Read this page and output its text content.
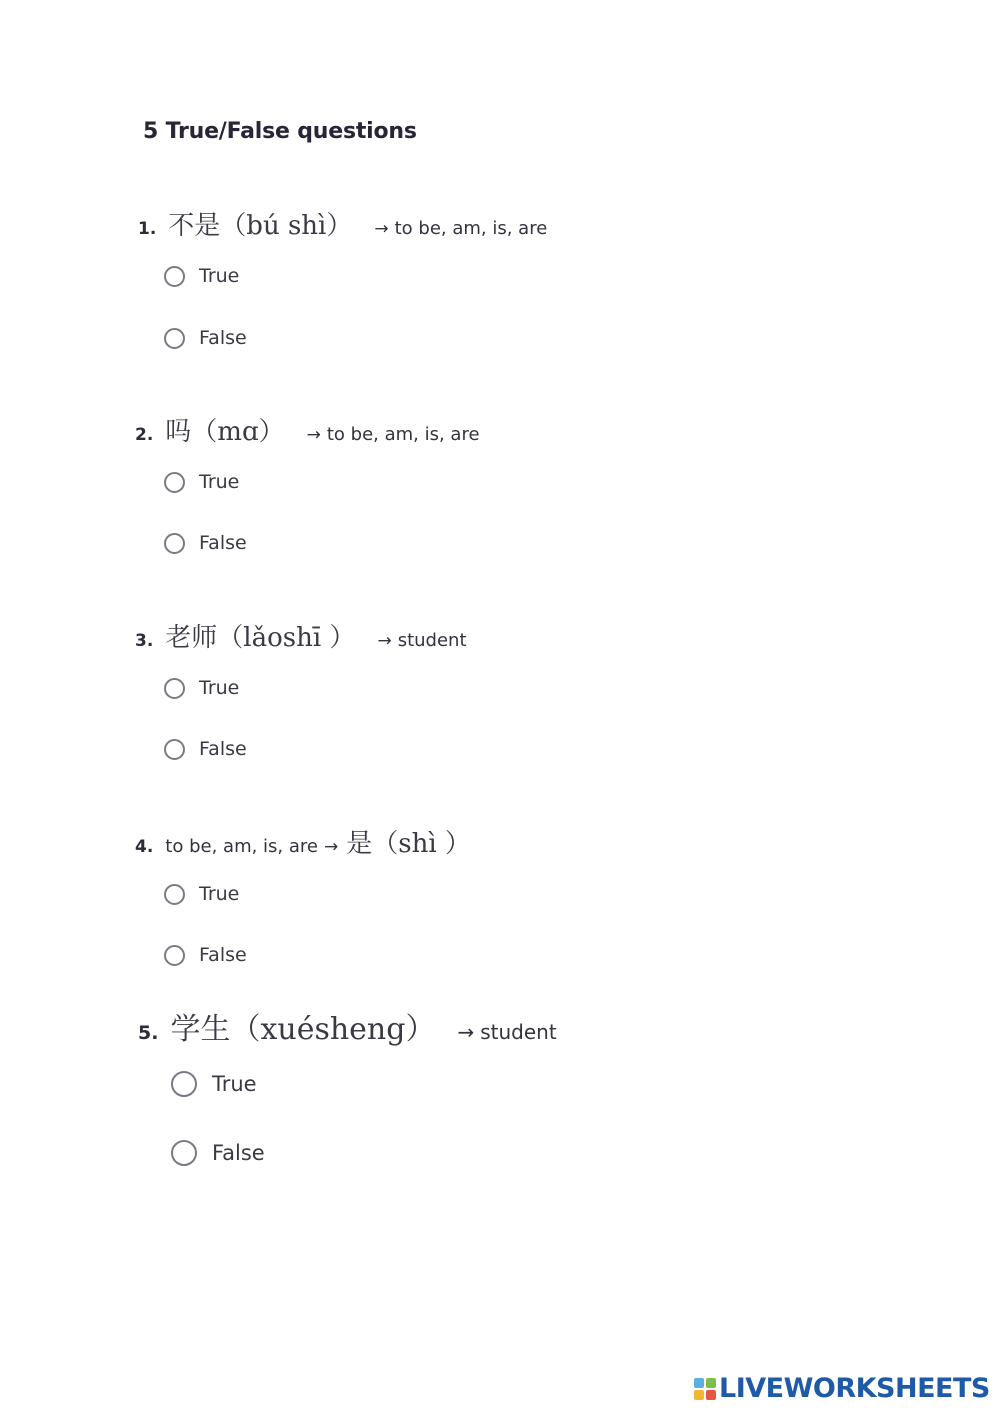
5 True/False questions
1. 不是（bú shì） → to be, am, is, are
True
False
2. 吗（mɑ） → to be, am, is, are
True
False
3. 老师（lǎoshī ） → student
True
False
4. to be, am, is, are → 是（shì ）
True
False
5. 学生（xuésheng） → student
True
False
LIVEWORKSHEETS
